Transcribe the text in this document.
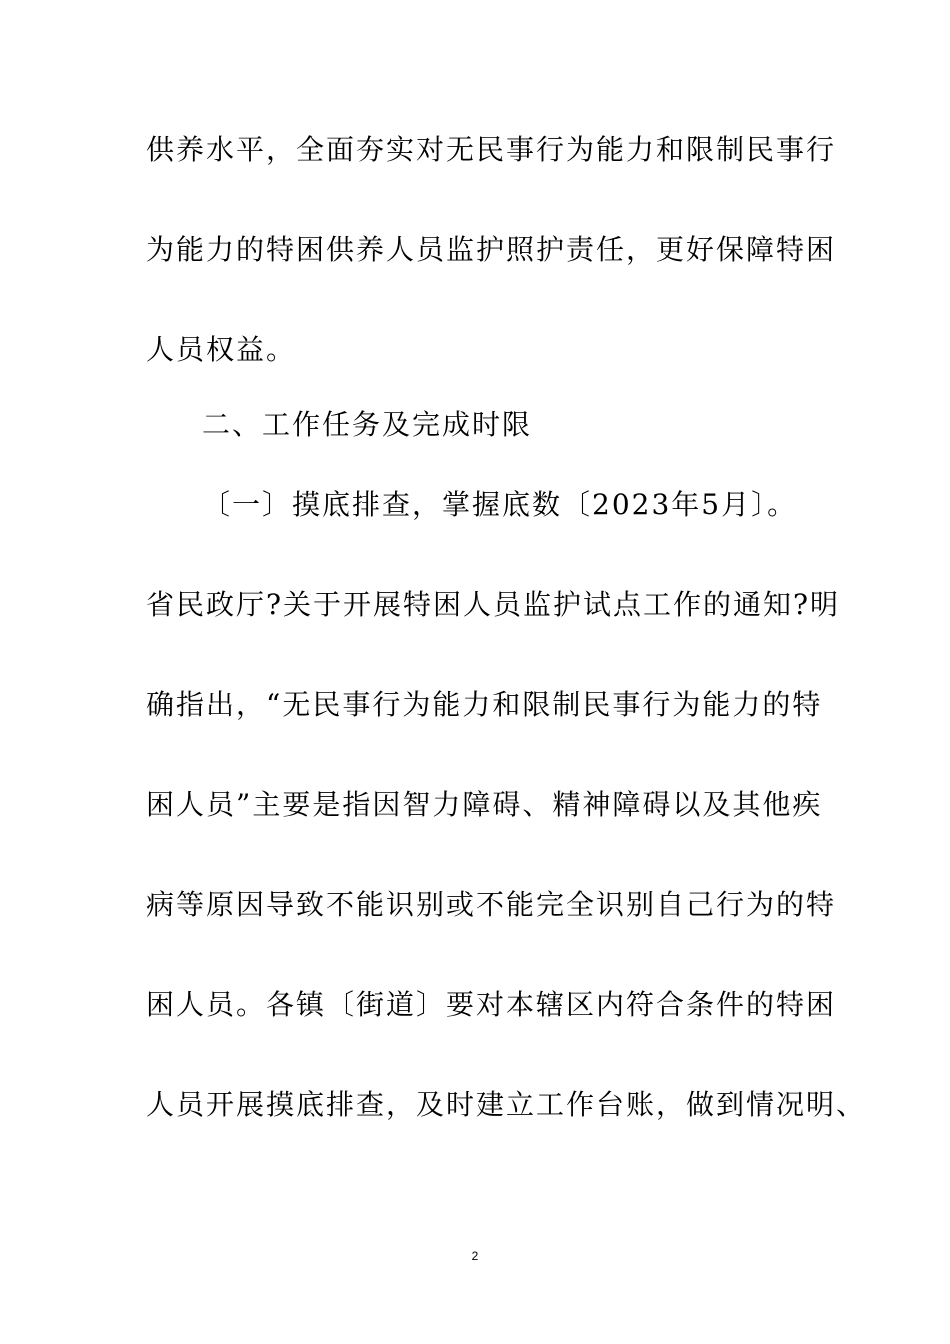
供养水平，全面夯实对无民事行为能力和限制民事行
为能力的特困供养人员监护照护责任，更好保障特困
人员权益。
二、工作任务及完成时限
〔一〕摸底排查，掌握底数〔2023年5月〕。
省民政厅?关于开展特困人员监护试点工作的通知?明
确指出，“无民事行为能力和限制民事行为能力的特
困人员”主要是指因智力障碍、精神障碍以及其他疾
病等原因导致不能识别或不能完全识别自己行为的特
困人员。各镇〔街道〕要对本辖区内符合条件的特困
人员开展摸底排查，及时建立工作台账，做到情况明、
2
